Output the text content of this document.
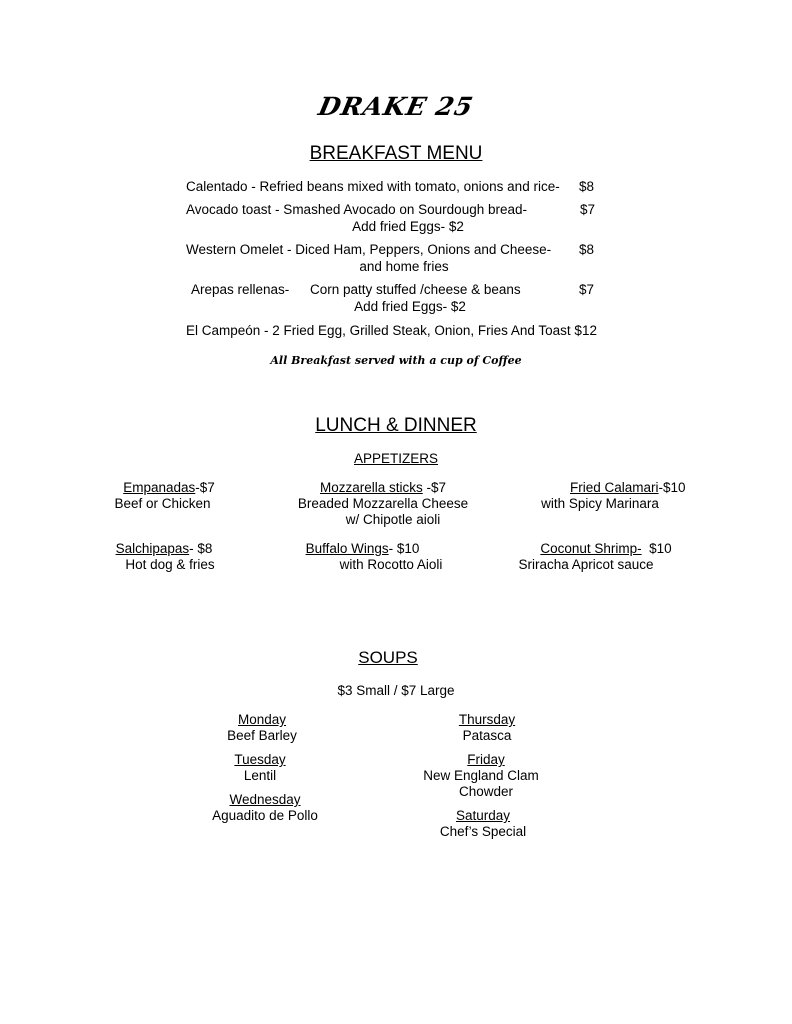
DRAKE 25
BREAKFAST MENU
Calentado - Refried beans mixed with tomato, onions and rice- $8
Avocado toast - Smashed Avocado on Sourdough bread-	$7
Add fried Eggs- $2
Western Omelet - Diced Ham, Peppers, Onions and Cheese- $8
and home fries
Arepas rellenas- Corn patty stuffed /cheese & beans	$7
Add fried Eggs- $2
El Campeón - 2 Fried Egg, Grilled Steak, Onion, Fries And Toast $12
All Breakfast served with a cup of Coffee
LUNCH & DINNER
APPETIZERS
Empanadas-$7
Beef or Chicken
Mozzarella sticks -$7
Breaded Mozzarella Cheese
w/ Chipotle aioli
Fried Calamari-$10
with Spicy Marinara
Salchipapas- $8
Hot dog & fries
Buffalo Wings- $10
with Rocotto Aioli
Coconut Shrimp-  $10
Sriracha Apricot sauce
SOUPS
$3 Small / $7 Large
Monday
Beef Barley
Tuesday
Lentil
Wednesday
Aguadito de Pollo
Thursday
Patasca
Friday
New England Clam
Chowder
Saturday
Chef’s Special
